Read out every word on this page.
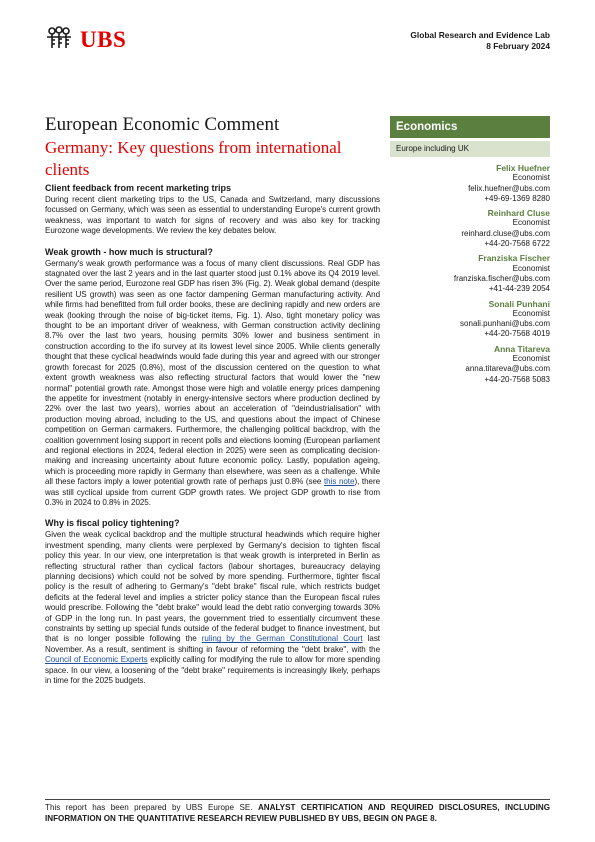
UBS	Global Research and Evidence Lab
8 February 2024
European Economic Comment
Germany: Key questions from international clients
Economics
Europe including UK
Felix Huefner
Economist
felix.huefner@ubs.com
+49-69-1369 8280
Reinhard Cluse
Economist
reinhard.cluse@ubs.com
+44-20-7568 6722
Franziska Fischer
Economist
franziska.fischer@ubs.com
+41-44-239 2054
Sonali Punhani
Economist
sonali.punhani@ubs.com
+44-20-7568 4019
Anna Titareva
Economist
anna.titareva@ubs.com
+44-20-7568 5083
Client feedback from recent marketing trips

During recent client marketing trips to the US, Canada and Switzerland, many discussions focussed on Germany, which was seen as essential to understanding Europe's current growth weakness, was important to watch for signs of recovery and was also key for tracking Eurozone wage developments. We review the key debates below.

Weak growth - how much is structural?

Germany's weak growth performance was a focus of many client discussions. Real GDP has stagnated over the last 2 years and in the last quarter stood just 0.1% above its Q4 2019 level. Over the same period, Eurozone real GDP has risen 3% (Fig. 2). Weak global demand (despite resilient US growth) was seen as one factor dampening German manufacturing activity. And while firms had benefitted from full order books, these are declining rapidly and new orders are weak (looking through the noise of big-ticket items, Fig. 1). Also, tight monetary policy was thought to be an important driver of weakness, with German construction activity declining 8.7% over the last two years, housing permits 30% lower and business sentiment in construction according to the ifo survey at its lowest level since 2005. While clients generally thought that these cyclical headwinds would fade during this year and agreed with our stronger growth forecast for 2025 (0.8%), most of the discussion centered on the question to what extent growth weakness was also reflecting structural factors that would lower the "new normal" potential growth rate. Amongst those were high and volatile energy prices dampening the appetite for investment (notably in energy-intensive sectors where production declined by 22% over the last two years), worries about an acceleration of "deindustrialisation" with production moving abroad, including to the US, and questions about the impact of Chinese competition on German carmakers. Furthermore, the challenging political backdrop, with the coalition government losing support in recent polls and elections looming (European parliament and regional elections in 2024, federal election in 2025) were seen as complicating decision-making and increasing uncertainty about future economic policy. Lastly, population ageing, which is proceeding more rapidly in Germany than elsewhere, was seen as a challenge. While all these factors imply a lower potential growth rate of perhaps just 0.8% (see this note), there was still cyclical upside from current GDP growth rates. We project GDP growth to rise from 0.3% in 2024 to 0.8% in 2025.

Why is fiscal policy tightening?

Given the weak cyclical backdrop and the multiple structural headwinds which require higher investment spending, many clients were perplexed by Germany's decision to tighten fiscal policy this year. In our view, one interpretation is that weak growth is interpreted in Berlin as reflecting structural rather than cyclical factors (labour shortages, bureaucracy delaying planning decisions) which could not be solved by more spending. Furthermore, tighter fiscal policy is the result of adhering to Germany's "debt brake" fiscal rule, which restricts budget deficits at the federal level and implies a stricter policy stance than the European fiscal rules would prescribe. Following the "debt brake" would lead the debt ratio converging towards 30% of GDP in the long run. In past years, the government tried to essentially circumvent these constraints by setting up special funds outside of the federal budget to finance investment, but that is no longer possible following the ruling by the German Constitutional Court last November. As a result, sentiment is shifting in favour of reforming the "debt brake", with the Council of Economic Experts explicitly calling for modifying the rule to allow for more spending space. In our view, a loosening of the "debt brake" requirements is increasingly likely, perhaps in time for the 2025 budgets.

This report has been prepared by UBS Europe SE. ANALYST CERTIFICATION AND REQUIRED DISCLOSURES, INCLUDING INFORMATION ON THE QUANTITATIVE RESEARCH REVIEW PUBLISHED BY UBS, BEGIN ON PAGE 8.
